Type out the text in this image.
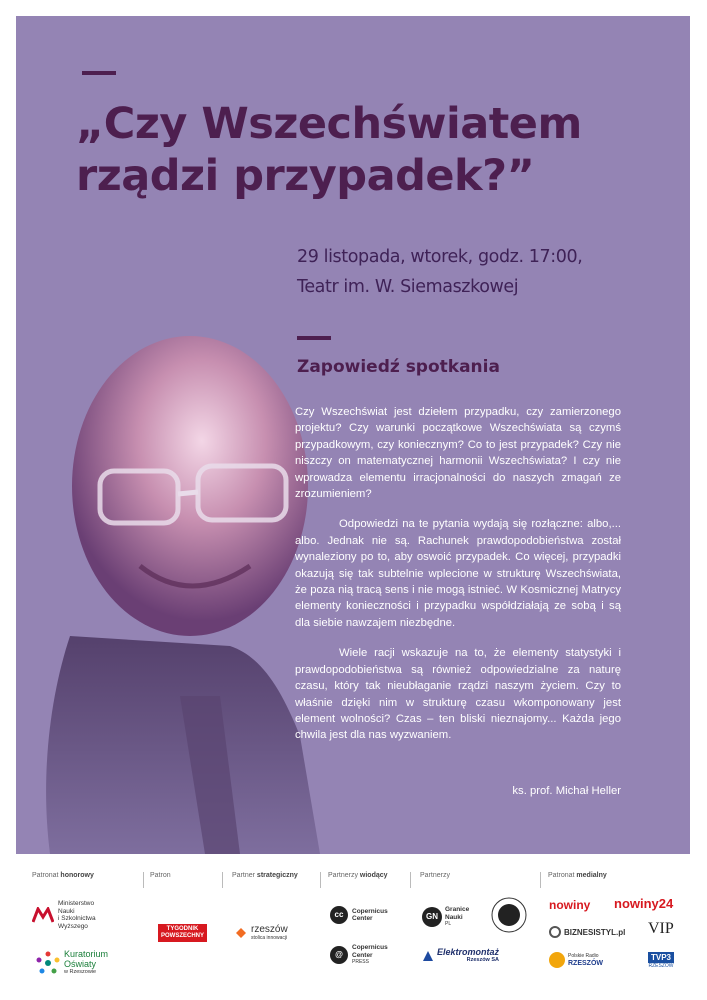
„Czy Wszechświatem
rządzi przypadek?”
29 listopada, wtorek, godz. 17:00,
Teatr im. W. Siemaszkowej
Zapowiedź spotkania

Czy Wszechświat jest dziełem przypadku, czy zamierzonego projektu? Czy warunki początkowe Wszechświata są czymś przypadkowym, czy koniecznym? Co to jest przypadek? Czy nie niszczy on matematycznej harmonii Wszechświata? I czy nie wprowadza elementu irracjonalności do naszych zmagań ze zrozumieniem?

Odpowiedzi na te pytania wydają się rozłączne: albo,... albo. Jednak nie są. Rachunek prawdopodobieństwa został wynaleziony po to, aby oswoić przypadek. Co więcej, przypadki okazują się tak subtelnie wplecione w strukturę Wszechświata, że poza nią tracą sens i nie mogą istnieć. W Kosmicznej Matrycy elementy konieczności i przypadku współdziałają ze sobą i są dla siebie nawzajem niezbędne.

Wiele racji wskazuje na to, że elementy statystyki i prawdopodobieństwa są również odpowiedzialne za naturę czasu, który tak nieubłaganie rządzi naszym życiem. Czy to właśnie dzięki nim w strukturę czasu wkomponowany jest element wolności? Czas – ten bliski nieznajomy... Każda jego chwila jest dla nas wyzwaniem.

ks. prof. Michał Heller
Patronat honorowy	Patron	Partner strategiczny	Partnerzy wiodący	Partnerzy	Patronat medialny
Ministerstwo
Nauki
i Szkolnictwa
Wyższego
Kuratorium
Oświaty
w Rzeszowie
TYGODNIK
POWSZECHNY
rzeszów
stolica innowacji
cc	Copernicus
Center
@
Copernicus
Center
PRESS
GN
Granice
Nauki
PL
Elektromontaż
Rzeszów SA
nowiny nowiny24
BIZNESISTYL.pl VIP
Polskie Radio
RZESZÓW
TVP3
RZESZÓW
